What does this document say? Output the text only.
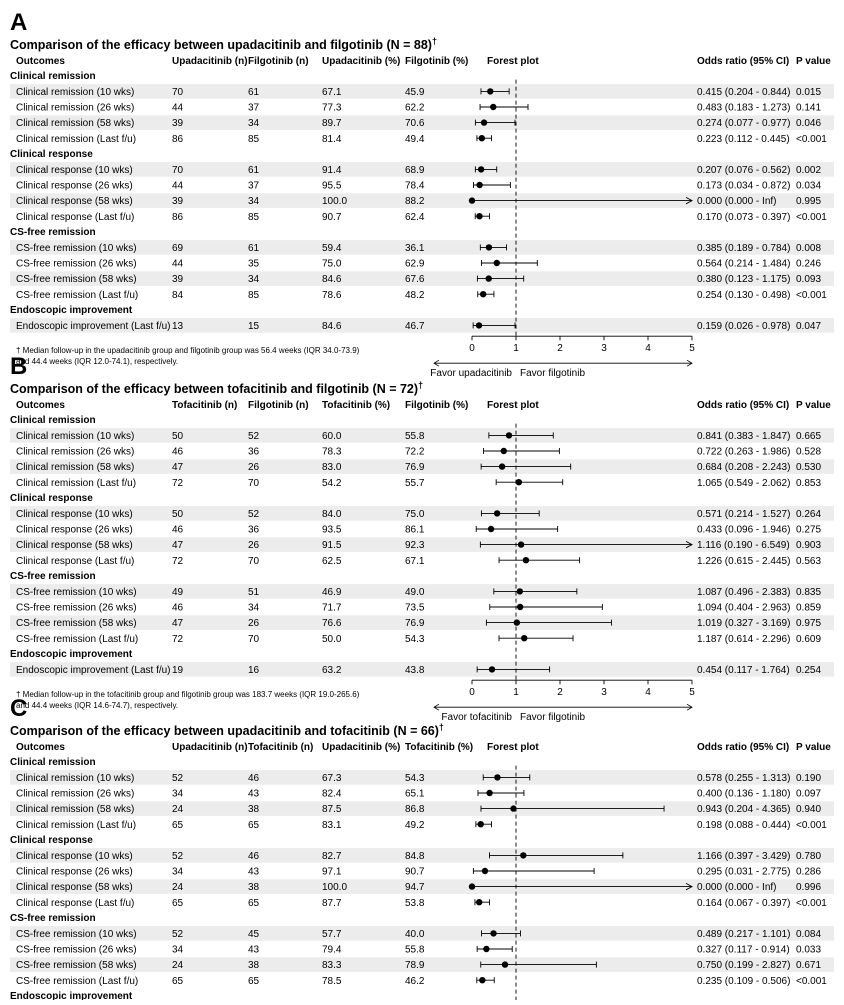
A
Comparison of the efficacy between upadacitinib and filgotinib (N = 88)†
Outcomes	Upadacitinib (n) Filgotinib (n) Upadacitinib (%) Filgotinib (%) Forest plot	Odds ratio (95% CI) P value
Clinical remission
Clinical remission (10 wks)	70	61	67.1	45.9	0.415 (0.204 - 0.844) 0.015
Clinical remission (26 wks)	44	37	77.3	62.2	0.483 (0.183 - 1.273) 0.141
Clinical remission (58 wks)	39	34	89.7	70.6	0.274 (0.077 - 0.977) 0.046
Clinical remission (Last f/u)	86	85	81.4	49.4	0.223 (0.112 - 0.445) <0.001
Clinical response
Clinical response (10 wks)	70	61	91.4	68.9	0.207 (0.076 - 0.562) 0.002
Clinical response (26 wks)	44	37	95.5	78.4	0.173 (0.034 - 0.872) 0.034
Clinical response (58 wks)	39	34	100.0	88.2	0.000 (0.000 - Inf) 0.995
Clinical response (Last f/u)	86	85	90.7	62.4	0.170 (0.073 - 0.397) <0.001
CS-free remission
CS-free remission (10 wks)	69	61	59.4	36.1	0.385 (0.189 - 0.784) 0.008
CS-free remission (26 wks)	44	35	75.0	62.9	0.564 (0.214 - 1.484) 0.246
CS-free remission (58 wks)	39	34	84.6	67.6	0.380 (0.123 - 1.175) 0.093
CS-free remission (Last f/u)	84	85	78.6	48.2	0.254 (0.130 - 0.498) <0.001
Endoscopic improvement
Endoscopic improvement (Last f/u) 13	15	84.6	46.7	0.159 (0.026 - 0.978) 0.047
0	1	2	3	4	5
Favor upadacitinib Favor filgotinib
† Median follow-up in the upadacitinib group and filgotinib group was 56.4 weeks (IQR 34.0-73.9)
and 44.4 weeks (IQR 12.0-74.1), respectively.
B
Comparison of the efficacy between tofacitinib and filgotinib (N = 72)†
Outcomes	Tofacitinib (n) Filgotinib (n) Tofacitinib (%) Filgotinib (%) Forest plot	Odds ratio (95% CI) P value
Clinical remission
Clinical remission (10 wks)	50	52	60.0	55.8	0.841 (0.383 - 1.847) 0.665
Clinical remission (26 wks)	46	36	78.3	72.2	0.722 (0.263 - 1.986) 0.528
Clinical remission (58 wks)	47	26	83.0	76.9	0.684 (0.208 - 2.243) 0.530
Clinical remission (Last f/u)	72	70	54.2	55.7	1.065 (0.549 - 2.062) 0.853
Clinical response
Clinical response (10 wks)	50	52	84.0	75.0	0.571 (0.214 - 1.527) 0.264
Clinical response (26 wks)	46	36	93.5	86.1	0.433 (0.096 - 1.946) 0.275
Clinical response (58 wks)	47	26	91.5	92.3	1.116 (0.190 - 6.549) 0.903
Clinical response (Last f/u)	72	70	62.5	67.1	1.226 (0.615 - 2.445) 0.563
CS-free remission
CS-free remission (10 wks)	49	51	46.9	49.0	1.087 (0.496 - 2.383) 0.835
CS-free remission (26 wks)	46	34	71.7	73.5	1.094 (0.404 - 2.963) 0.859
CS-free remission (58 wks)	47	26	76.6	76.9	1.019 (0.327 - 3.169) 0.975
CS-free remission (Last f/u)	72	70	50.0	54.3	1.187 (0.614 - 2.296) 0.609
Endoscopic improvement
Endoscopic improvement (Last f/u) 19	16	63.2	43.8	0.454 (0.117 - 1.764) 0.254
0	1	2	3	4	5
Favor tofacitinib Favor filgotinib
† Median follow-up in the tofacitinib group and filgotinib group was 183.7 weeks (IQR 19.0-265.6)
and 44.4 weeks (IQR 14.6-74.7), respectively.
C
Comparison of the efficacy between upadacitinib and tofacitinib (N = 66)†
Outcomes	Upadacitinib (n) Tofacitinib (n) Upadacitinib (%) Tofacitinib (%) Forest plot	Odds ratio (95% CI) P value
Clinical remission
Clinical remission (10 wks)	52	46	67.3	54.3	0.578 (0.255 - 1.313) 0.190
Clinical remission (26 wks)	34	43	82.4	65.1	0.400 (0.136 - 1.180) 0.097
Clinical remission (58 wks)	24	38	87.5	86.8	0.943 (0.204 - 4.365) 0.940
Clinical remission (Last f/u)	65	65	83.1	49.2	0.198 (0.088 - 0.444) <0.001
Clinical response
Clinical response (10 wks)	52	46	82.7	84.8	1.166 (0.397 - 3.429) 0.780
Clinical response (26 wks)	34	43	97.1	90.7	0.295 (0.031 - 2.775) 0.286
Clinical response (58 wks)	24	38	100.0	94.7	0.000 (0.000 - Inf) 0.996
Clinical response (Last f/u)	65	65	87.7	53.8	0.164 (0.067 - 0.397) <0.001
CS-free remission
CS-free remission (10 wks)	52	45	57.7	40.0	0.489 (0.217 - 1.101) 0.084
CS-free remission (26 wks)	34	43	79.4	55.8	0.327 (0.117 - 0.914) 0.033
CS-free remission (58 wks)	24	38	83.3	78.9	0.750 (0.199 - 2.827) 0.671
CS-free remission (Last f/u)	65	65	78.5	46.2	0.235 (0.109 - 0.506) <0.001
Endoscopic improvement
